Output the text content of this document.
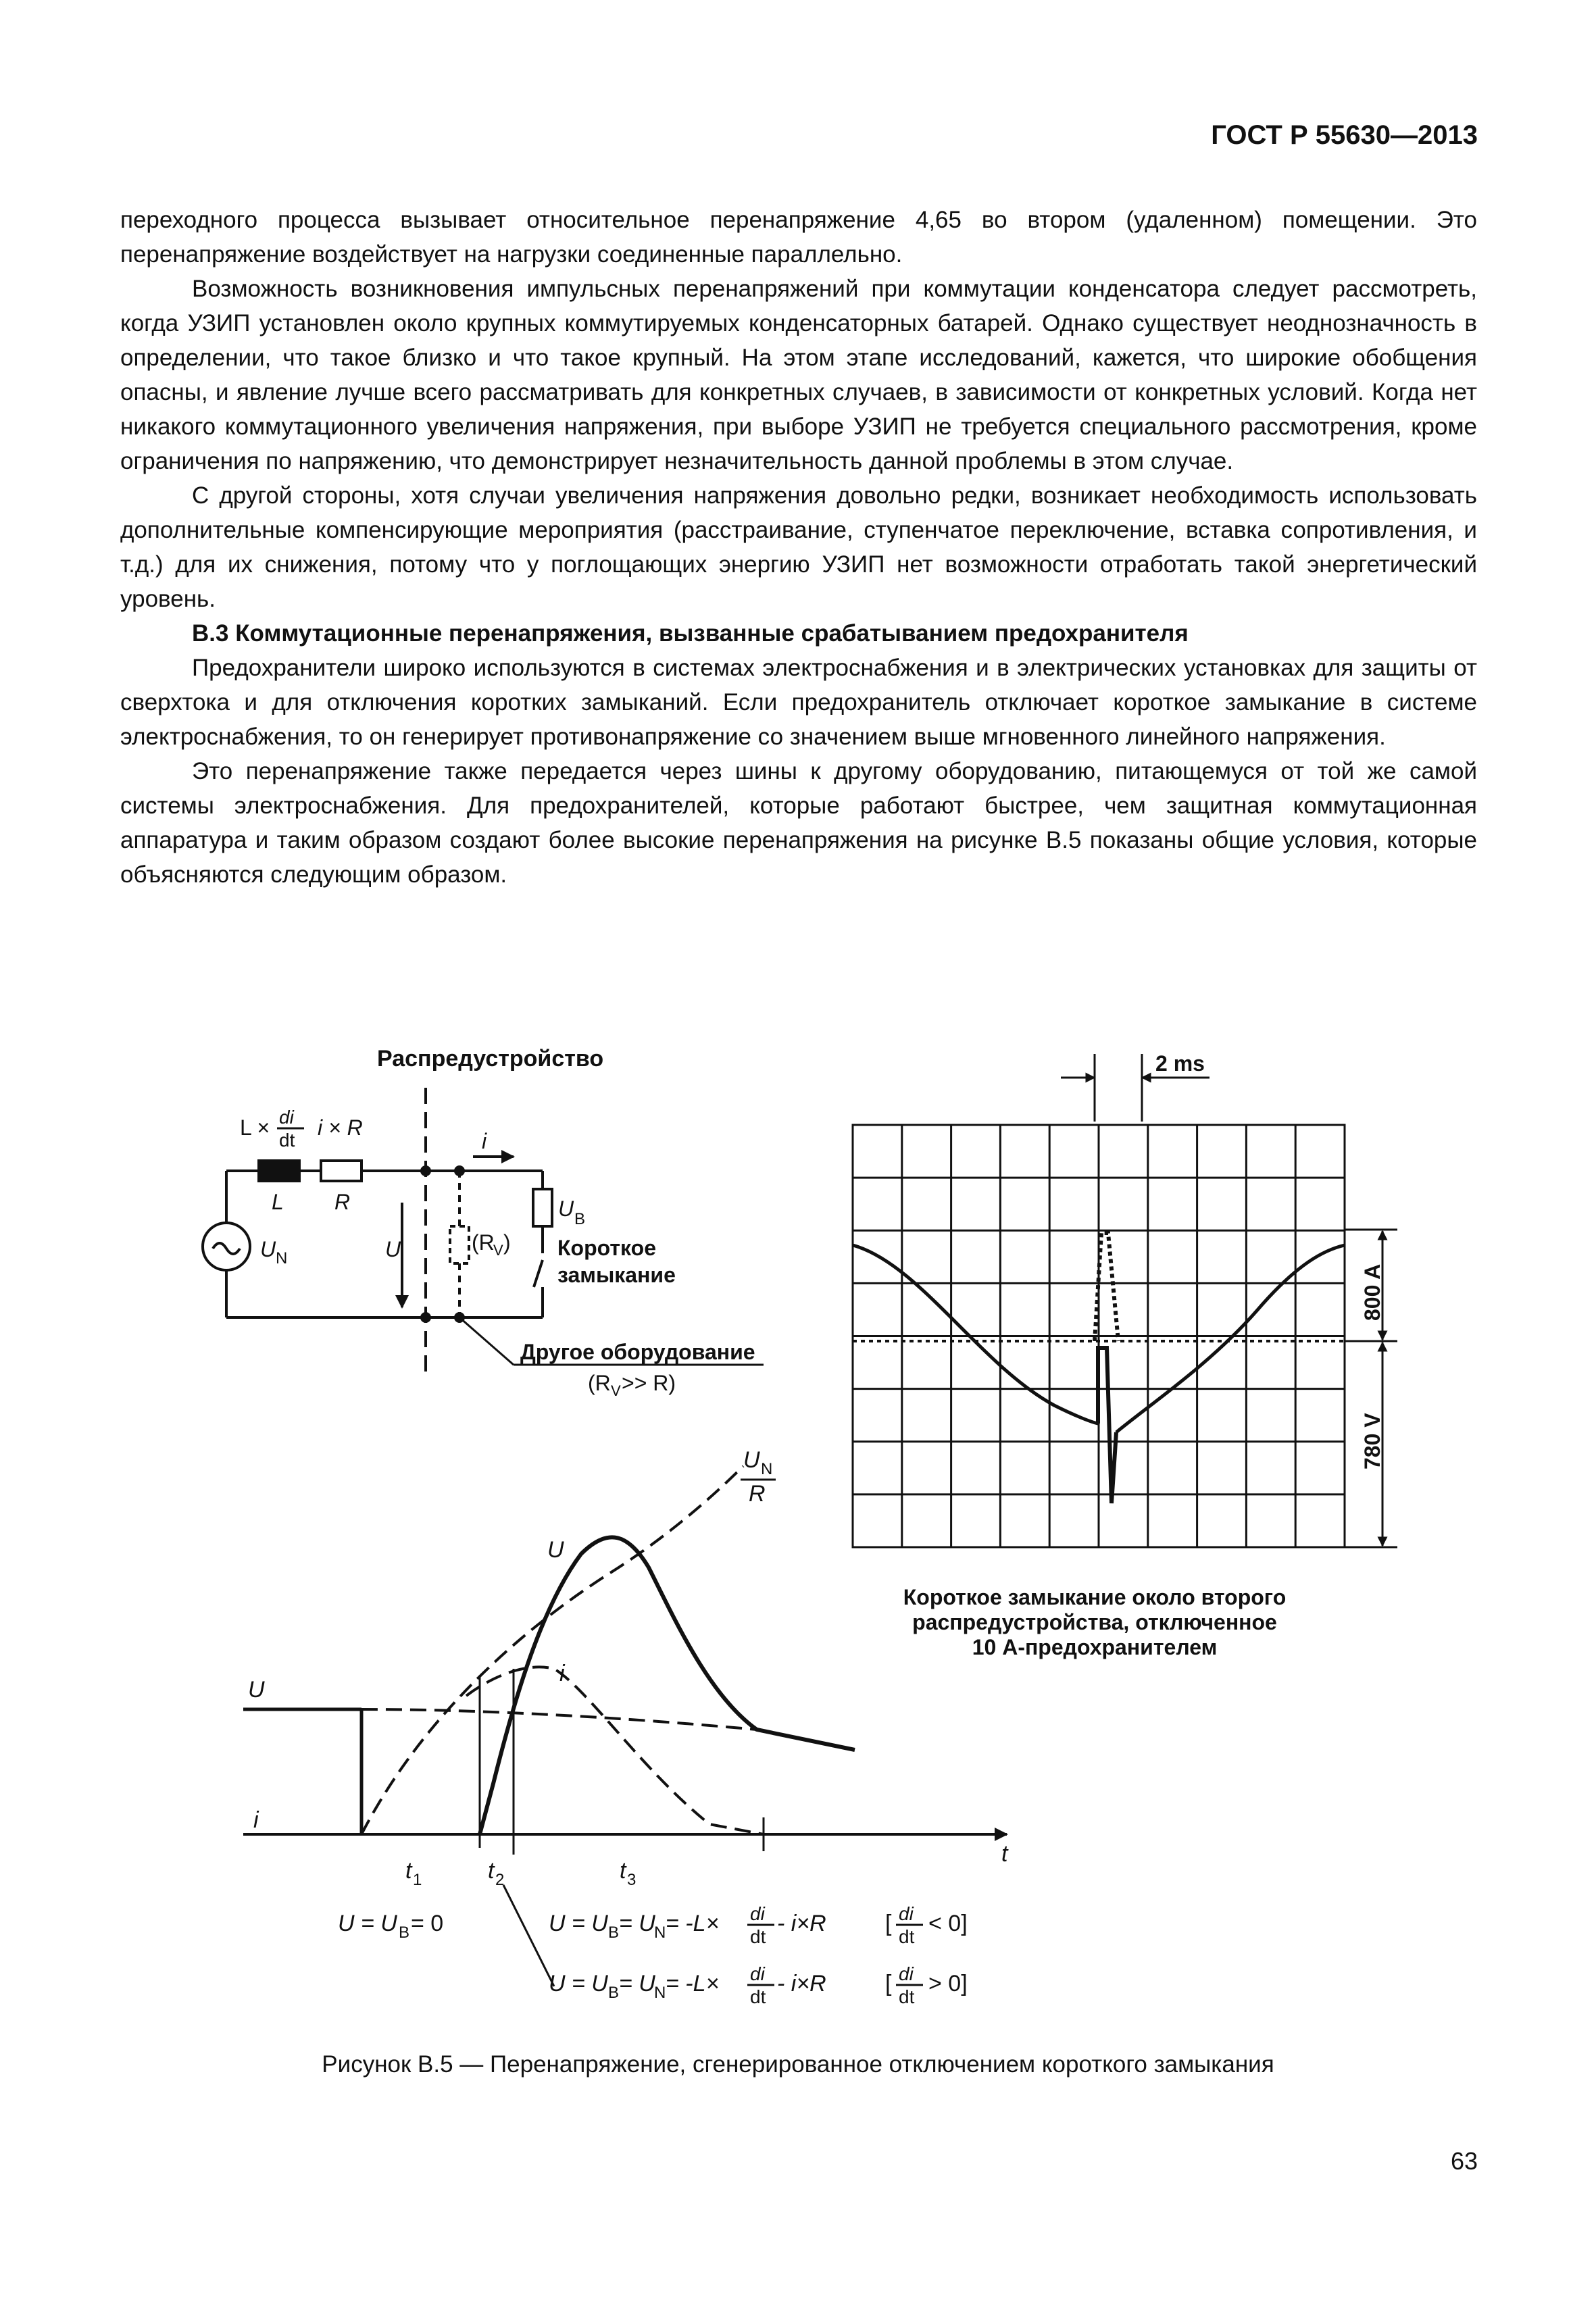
ГОСТ Р 55630—2013

переходного процесса вызывает относительное перенапряжение 4,65 во втором (удаленном) помещении. Это перенапряжение воздействует на нагрузки соединенные параллельно.

Возможность возникновения импульсных перенапряжений при коммутации конденсатора следует рассмотреть, когда УЗИП установлен около крупных коммутируемых конденсаторных батарей. Однако существует неоднозначность в определении, что такое близко и что такое крупный. На этом этапе исследований, кажется, что широкие обобщения опасны, и явление лучше всего рассматривать для конкретных случаев, в зависимости от конкретных условий. Когда нет никакого коммутационного увеличения напряжения, при выборе УЗИП не требуется специального рассмотрения, кроме ограничения по напряжению, что демонстрирует незначительность данной проблемы в этом случае.

С другой стороны, хотя случаи увеличения напряжения довольно редки, возникает необходимость использовать дополнительные компенсирующие мероприятия (расстраивание, ступенчатое переключение, вставка сопротивления, и т.д.) для их снижения, потому что у поглощающих энергию УЗИП нет возможности отработать такой энергетический уровень.

В.3 Коммутационные перенапряжения, вызванные срабатыванием предохранителя

Предохранители широко используются в системах электроснабжения и в электрических установках для защиты от сверхтока и для отключения коротких замыканий. Если предохранитель отключает короткое замыкание в системе электроснабжения, то он генерирует противонапряжение со значением выше мгновенного линейного напряжения.

Это перенапряжение также передается через шины к другому оборудованию, питающемуся от той же самой системы электроснабжения. Для предохранителей, которые работают быстрее, чем защитная коммутационная аппаратура и таким образом создают более высокие перенапряжения на рисунке В.5 показаны общие условия, которые объясняются следующим образом.

Распредустройство
L × di
dt
i × R
i
L R
U N	U	(R
V )
U B
Короткое
замыкание
Другое оборудование
(R V >> R)
2 ms
800 A
780 V
Короткое замыкание около второго
распредустройства, отключенное
10 А-предохранителем
U N
R
U
i
U
i
t
t 1	t 2	t 3
U = U B = 0	U = U B = U
N = -L× di
dt
- i×R	[ di
dt
< 0]
U = U B = U
N = -L× di
dt
- i×R	[ di
dt
> 0]
Рисунок В.5 — Перенапряжение, сгенерированное отключением короткого замыкания
63
